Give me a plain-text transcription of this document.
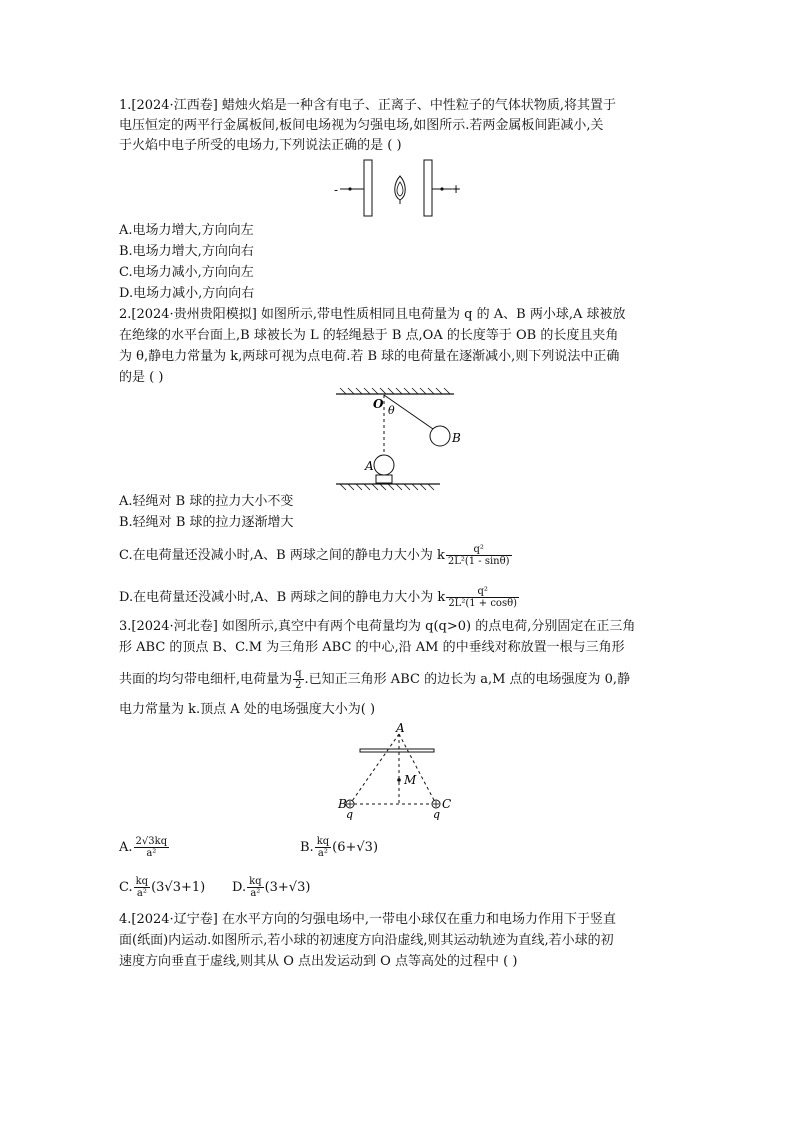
1.[2024·江西卷] 蜡烛火焰是一种含有电子、正离子、中性粒子的气体状物质,将其置于
电压恒定的两平行金属板间,板间电场视为匀强电场,如图所示.若两金属板间距减小,关
于火焰中电子所受的电场力,下列说法正确的是 ( )
-	+
A.电场力增大,方向向左
B.电场力增大,方向向右
C.电场力减小,方向向左
D.电场力减小,方向向右
2.[2024·贵州贵阳模拟] 如图所示,带电性质相同且电荷量为 q 的 A、B 两小球,A 球被放
在绝缘的水平台面上,B 球被长为 L 的轻绳悬于 B 点,OA 的长度等于 OB 的长度且夹角
为 θ,静电力常量为 k,两球可视为点电荷.若 B 球的电荷量在逐渐减小,则下列说法中正确
的是 ( )
O θ
B
A
A.轻绳对 B 球的拉力大小不变
B.轻绳对 B 球的拉力逐渐增大
C.在电荷量还没减小时,A、B 两球之间的静电力大小为 k $\frac{\text{q²}}{\text{2L²(1 - sinθ)}}$
D.在电荷量还没减小时,A、B 两球之间的静电力大小为 k $\frac{\text{q²}}{\text{2L²(1 + cosθ)}}$
3.[2024·河北卷] 如图所示,真空中有两个电荷量均为 q(q>0) 的点电荷,分别固定在正三角
形 ABC 的顶点 B、C.M 为三角形 ABC 的中心,沿 AM 的中垂线对称放置一根与三角形
共面的均匀带电细杆,电荷量为 $\frac{q}{2}$ .已知正三角形 ABC 的边长为 a,M 点的电场强度为 0,静
电力常量为 k.顶点 A 处的电场强度大小为( )
A
M
B
q
C
q
A. $\frac{2√3kq}{\text{a²}}$	B. $\frac{kq}{\text{a²}} (6+√3)$
C. $\frac{kq}{\text{a²}} (3√3+1)$ D. $\frac{kq}{\text{a²}} (3+√3)$
4.[2024·辽宁卷] 在水平方向的匀强电场中,一带电小球仅在重力和电场力作用下于竖直
面(纸面)内运动.如图所示,若小球的初速度方向沿虚线,则其运动轨迹为直线,若小球的初
速度方向垂直于虚线,则其从 O 点出发运动到 O 点等高处的过程中 ( )
